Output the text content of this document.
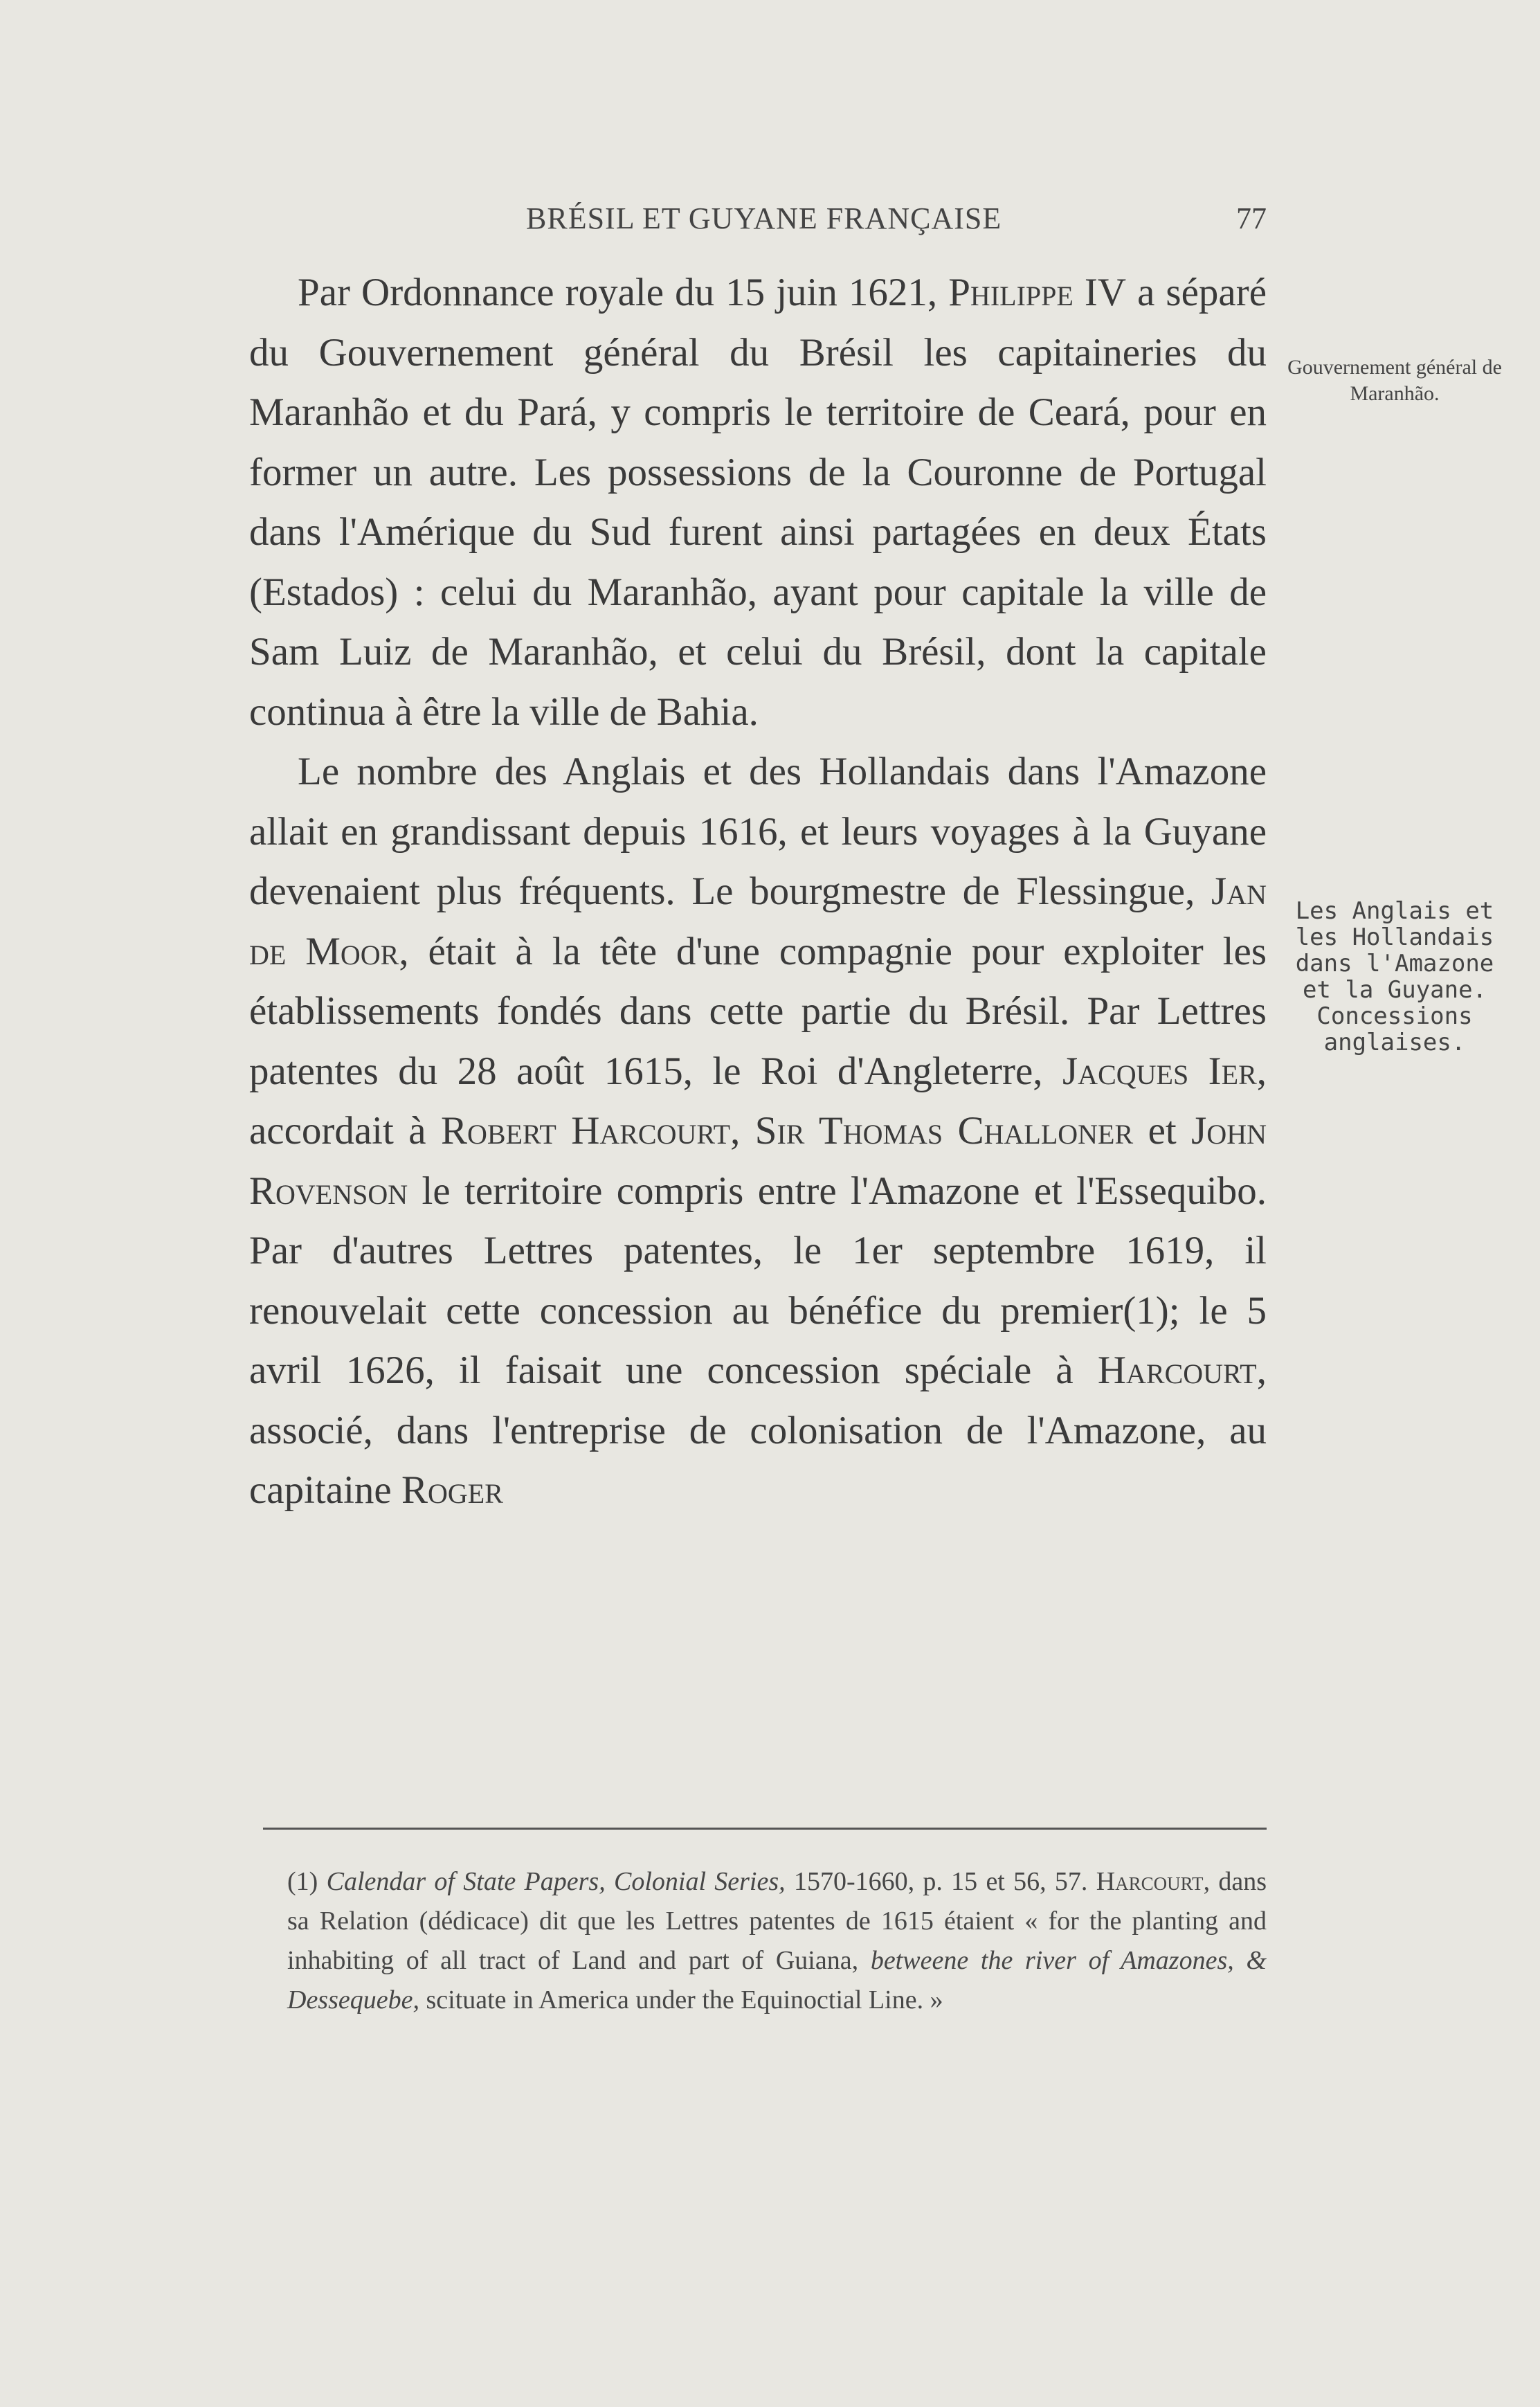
BRÉSIL ET GUYANE FRANÇAISE	77

Par Ordonnance royale du 15 juin 1621, Philippe IV a séparé du Gouvernement général du Brésil les capitaineries du Maranhão et du Pará, y compris le territoire de Ceará, pour en former un autre. Les possessions de la Couronne de Portugal dans l'Amérique du Sud furent ainsi partagées en deux États (Estados) : celui du Maranhão, ayant pour capitale la ville de Sam Luiz de Maranhão, et celui du Brésil, dont la capitale continua à être la ville de Bahia.

Le nombre des Anglais et des Hollandais dans l'Amazone allait en grandissant depuis 1616, et leurs voyages à la Guyane devenaient plus fréquents. Le bourgmestre de Flessingue, Jan de Moor, était à la tête d'une compagnie pour exploiter les établissements fondés dans cette partie du Brésil. Par Lettres patentes du 28 août 1615, le Roi d'Angleterre, Jacques Ier, accordait à Robert Harcourt, Sir Thomas Challoner et John Rovenson le territoire compris entre l'Amazone et l'Essequibo. Par d'autres Lettres patentes, le 1er septembre 1619, il renouvelait cette concession au bénéfice du premier(1); le 5 avril 1626, il faisait une concession spéciale à Harcourt, associé, dans l'entreprise de colonisation de l'Amazone, au capitaine Roger

Gouvernement général de Maranhão.
Les Anglais et les Hollandais dans l'Amazone et la Guyane. Concessions anglaises.
(1) Calendar of State Papers, Colonial Series, 1570-1660, p. 15 et 56, 57. Harcourt, dans sa Relation (dédicace) dit que les Lettres patentes de 1615 étaient « for the planting and inhabiting of all tract of Land and part of Guiana, betweene the river of Amazones, & Dessequebe, scituate in America under the Equinoctial Line. »
